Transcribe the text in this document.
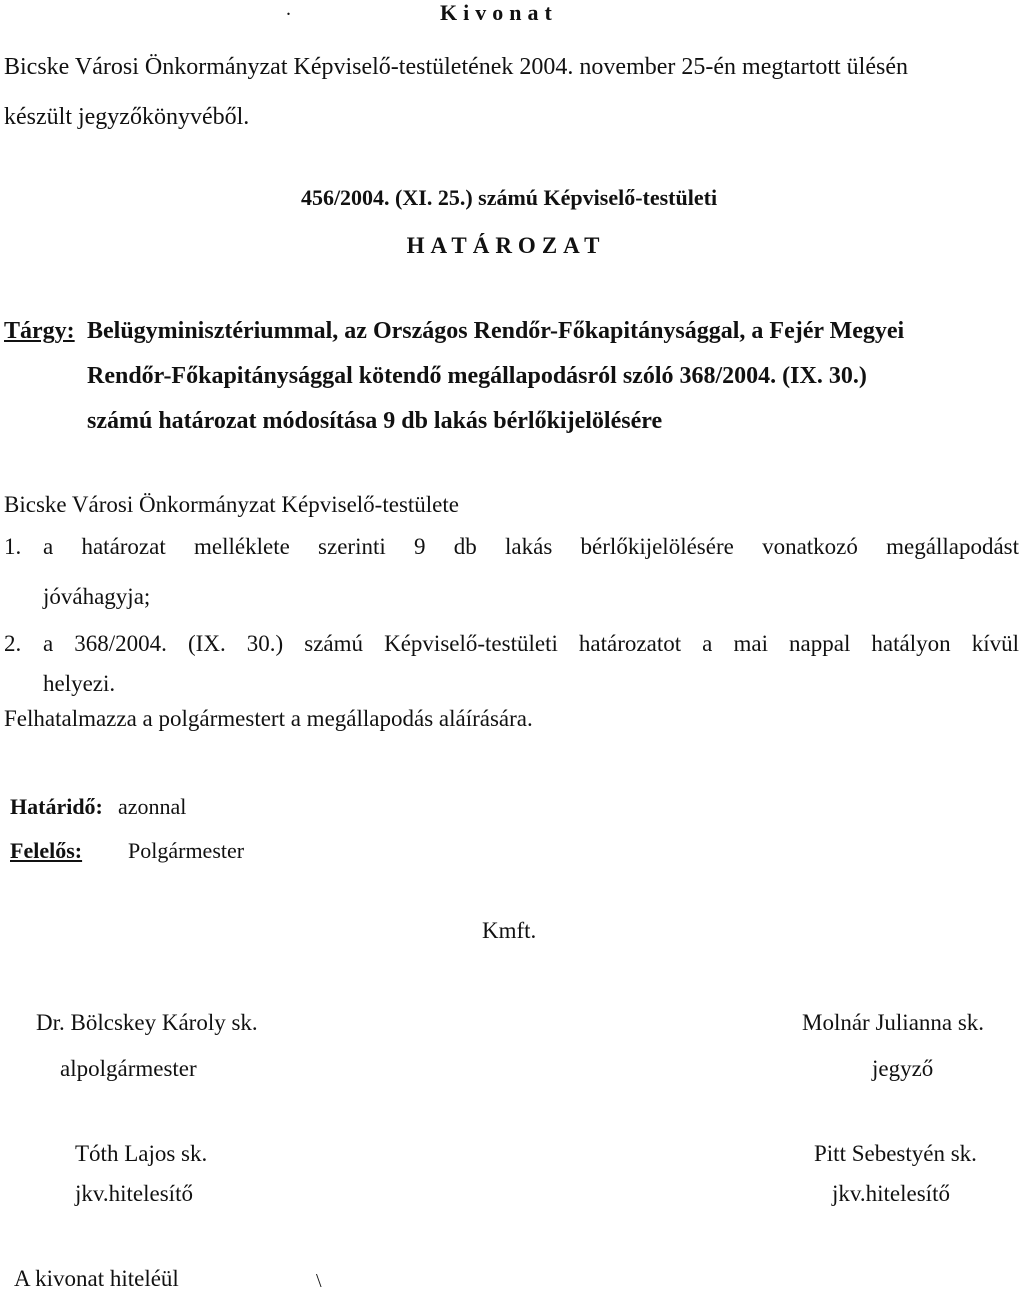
.	Kivonat
Bicske Városi Önkormányzat Képviselő-testületének 2004. november 25-én megtartott ülésén
készült jegyzőkönyvéből.
456/2004. (XI. 25.) számú Képviselő-testületi
HATÁROZAT
Tárgy: Belügyminisztériummal, az Országos Rendőr-Főkapitánysággal, a Fejér Megyei
Rendőr-Főkapitánysággal kötendő megállapodásról szóló 368/2004. (IX. 30.)
számú határozat módosítása 9 db lakás bérlőkijelölésére
Bicske Városi Önkormányzat Képviselő-testülete
1. a határozat melléklete szerinti 9 db lakás bérlőkijelölésére vonatkozó megállapodást
jóváhagyja;
2. a 368/2004. (IX. 30.) számú Képviselő-testületi határozatot a mai nappal hatályon kívül
helyezi.
Felhatalmazza a polgármestert a megállapodás aláírására.
Határidő: azonnal
Felelős: Polgármester
Kmft.
Dr. Bölcskey Károly sk.
alpolgármester
Molnár Julianna sk.
jegyző
Tóth Lajos sk.
jkv.hitelesítő
Pitt Sebestyén sk.
jkv.hitelesítő
A kivonat hiteléül	\
